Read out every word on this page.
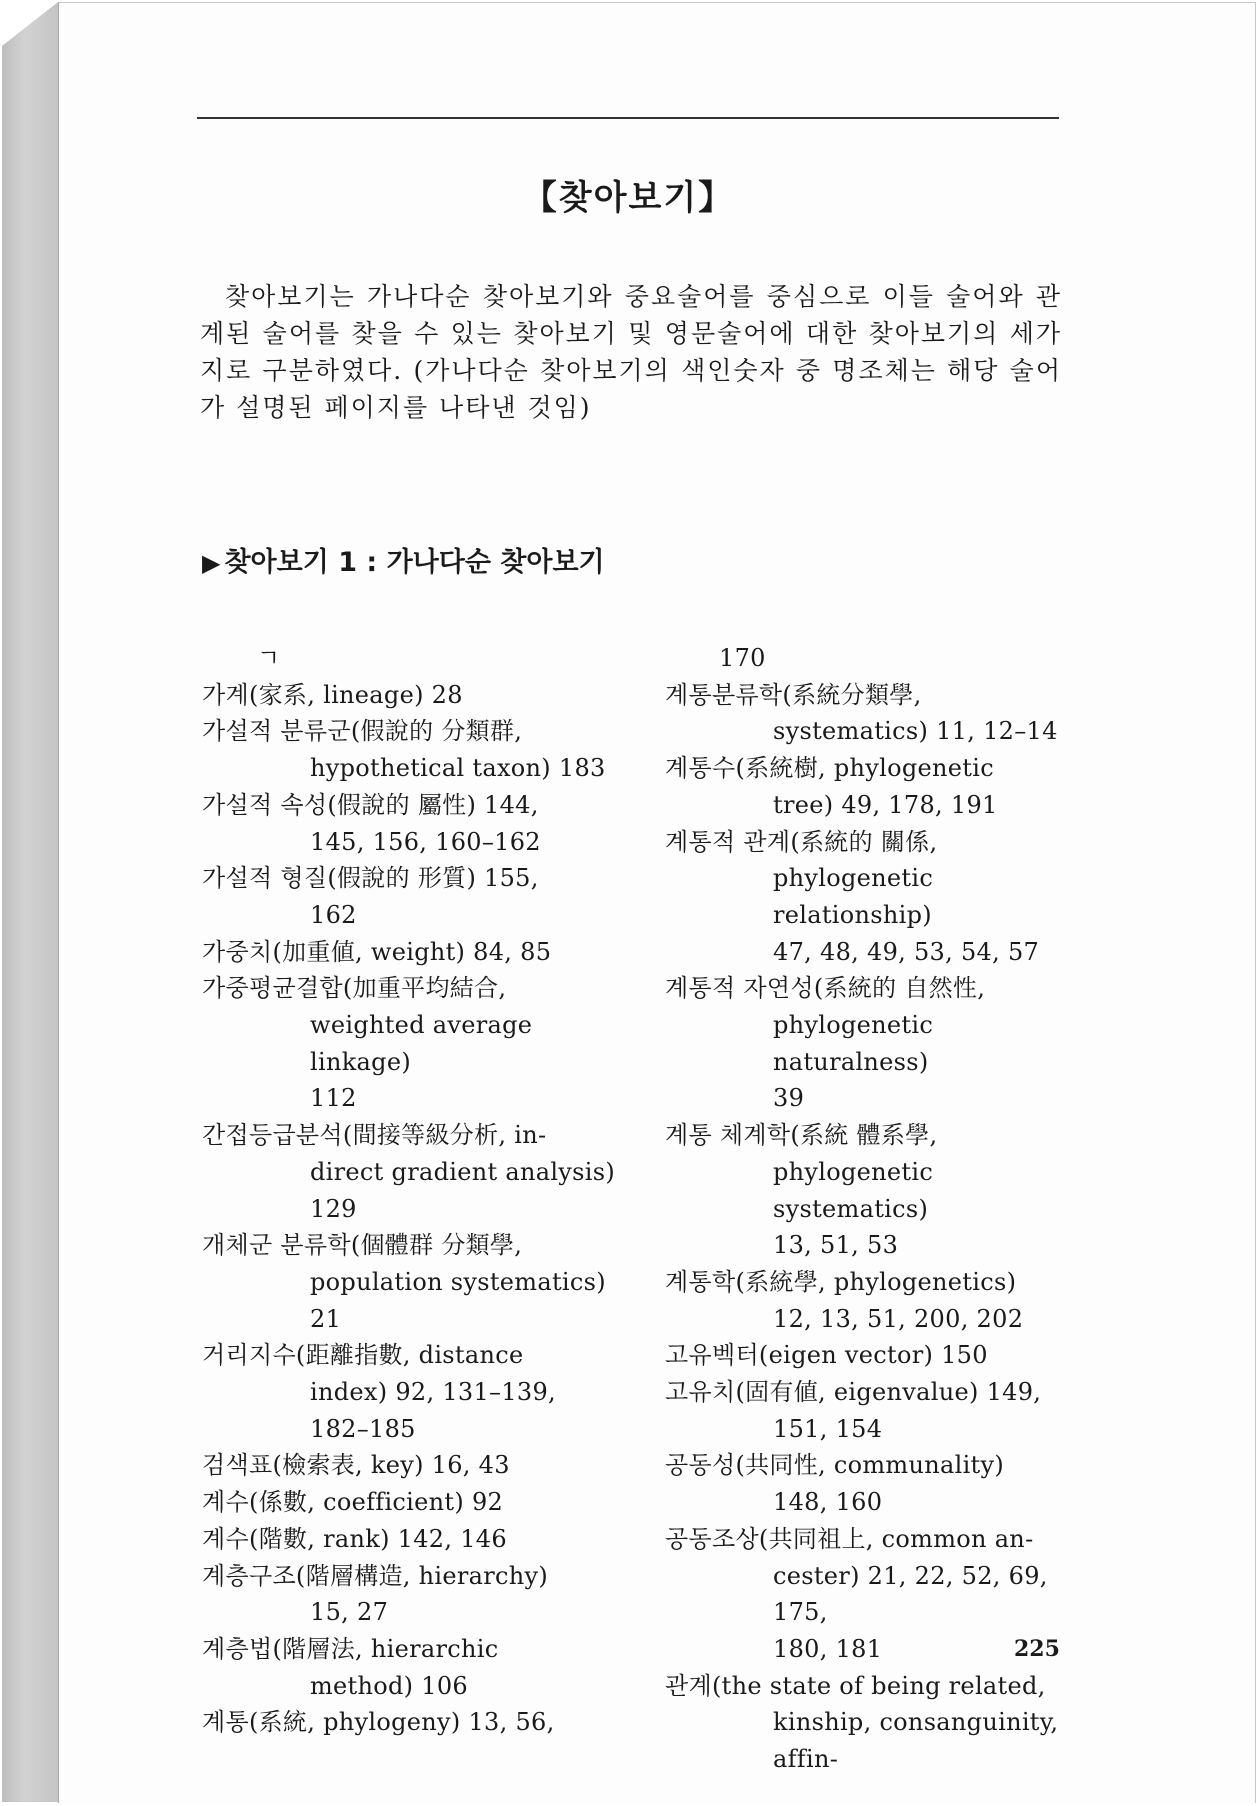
【찾아보기】
찾아보기는 가나다순 찾아보기와 중요술어를 중심으로 이들 술어와 관계된 술어를 찾을 수 있는 찾아보기 및 영문술어에 대한 찾아보기의 세가지로 구분하였다. (가나다순 찾아보기의 색인숫자 중 명조체는 해당 술어가 설명된 페이지를 나타낸 것임)
▶ 찾아보기 1 : 가나다순 찾아보기
ㄱ
가계(家系, lineage) 28
가설적 분류군(假說的 分類群,
hypothetical taxon) 183
가설적 속성(假說的 屬性) 144,
145, 156, 160–162
가설적 형질(假說的 形質) 155,
162
가중치(加重値, weight) 84, 85
가중평균결합(加重平均結合,
weighted average linkage)
112
간접등급분석(間接等級分析, in-
direct gradient analysis) 129
개체군 분류학(個體群 分類學,
population systematics) 21
거리지수(距離指數, distance
index) 92, 131–139, 182–185
검색표(檢索表, key) 16, 43
계수(係數, coefficient) 92
계수(階數, rank) 142, 146
계층구조(階層構造, hierarchy)
15, 27
계층법(階層法, hierarchic
method) 106
계통(系統, phylogeny) 13, 56,
170
계통분류학(系統分類學,
systematics) 11, 12–14
계통수(系統樹, phylogenetic
tree) 49, 178, 191
계통적 관계(系統的 關係,
phylogenetic relationship)
47, 48, 49, 53, 54, 57
계통적 자연성(系統的 自然性,
phylogenetic naturalness)
39
계통 체계학(系統 體系學,
phylogenetic systematics)
13, 51, 53
계통학(系統學, phylogenetics)
12, 13, 51, 200, 202
고유벡터(eigen vector) 150
고유치(固有値, eigenvalue) 149,
151, 154
공동성(共同性, communality)
148, 160
공동조상(共同祖上, common an-
cester) 21, 22, 52, 69, 175,
180, 181
관계(the state of being related,
kinship, consanguinity, affin-
225
